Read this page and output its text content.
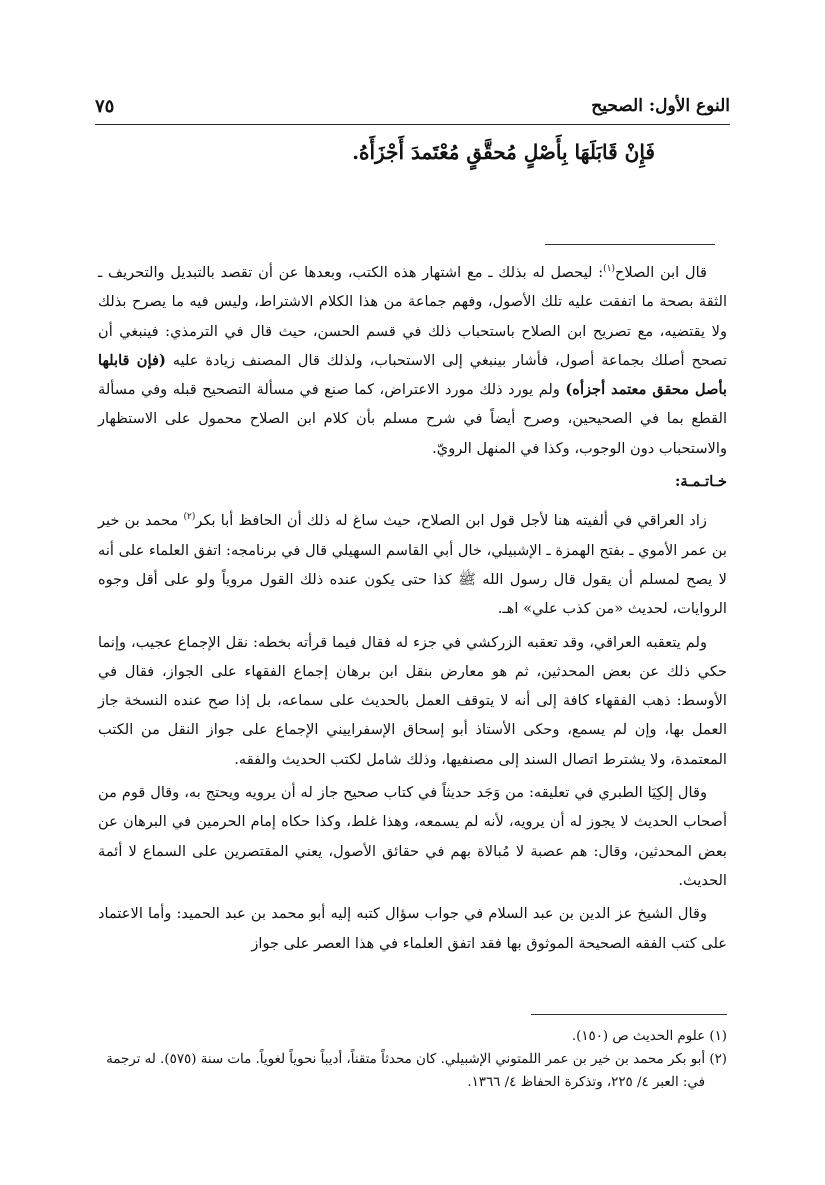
النوع الأول: الصحيح
٧٥
فَإِنْ قَابَلَهَا بِأَصْلٍ مُحقَّقٍ مُعْتَمدَ أَجْزَأَهُ.

قال ابن الصلاح$^{(١)}$: ليحصل له بذلك ـ مع اشتهار هذه الكتب، وبعدها عن أن تقصد بالتبديل والتحريف ـ الثقة بصحة ما اتفقت عليه تلك الأصول، وفهم جماعة من هذا الكلام الاشتراط، وليس فيه ما يصرح بذلك ولا يقتضيه، مع تصريح ابن الصلاح باستحباب ذلك في قسم الحسن، حيث قال في الترمذي: فينبغي أن تصحح أصلك بجماعة أصول، فأشار بينبغي إلى الاستحباب، ولذلك قال المصنف زيادة عليه (فإن قابلها بأصل محقق معتمد أجزأه) ولم يورد ذلك مورد الاعتراض، كما صنع في مسألة التصحيح قبله وفي مسألة القطع بما في الصحيحين، وصرح أيضاً في شرح مسلم بأن كلام ابن الصلاح محمول على الاستظهار والاستحباب دون الوجوب، وكذا في المنهل الرويّ.

خـاتـمـة:

زاد العراقي في ألفيته هنا لأجل قول ابن الصلاح، حيث ساغ له ذلك أن الحافظ أبا بكر$^{(٢)}$ محمد بن خير بن عمر الأموي ـ بفتح الهمزة ـ الإشبيلي، خال أبي القاسم السهيلي قال في برنامجه: اتفق العلماء على أنه لا يصح لمسلم أن يقول قال رسول الله ﷺ كذا حتى يكون عنده ذلك القول مروياً ولو على أقل وجوه الروايات، لحديث «من كذب علي» اهـ.

ولم يتعقبه العراقي، وقد تعقبه الزركشي في جزء له فقال فيما قرأته بخطه: نقل الإجماع عجيب، وإنما حكي ذلك عن بعض المحدثين، ثم هو معارض بنقل ابن برهان إجماع الفقهاء على الجواز، فقال في الأوسط: ذهب الفقهاء كافة إلى أنه لا يتوقف العمل بالحديث على سماعه، بل إذا صح عنده النسخة جاز العمل بها، وإن لم يسمع، وحكى الأستاذ أبو إسحاق الإسفراييني الإجماع على جواز النقل من الكتب المعتمدة، ولا يشترط اتصال السند إلى مصنفيها، وذلك شامل لكتب الحديث والفقه.

وقال إلكِيَا الطبري في تعليقه: من وَجَد حديثاً في كتاب صحيح جاز له أن يرويه ويحتج به، وقال قوم من أصحاب الحديث لا يجوز له أن يرويه، لأنه لم يسمعه، وهذا غلط، وكذا حكاه إمام الحرمين في البرهان عن بعض المحدثين، وقال: هم عصبة لا مُبالاة بهم في حقائق الأصول، يعني المقتصرين على السماع لا أئمة الحديث.

وقال الشيخ عز الدين بن عبد السلام في جواب سؤال كتبه إليه أبو محمد بن عبد الحميد: وأما الاعتماد على كتب الفقه الصحيحة الموثوق بها فقد اتفق العلماء في هذا العصر على جواز

(١) علوم الحديث ص (١٥٠).

(٢) أبو بكر محمد بن خير بن عمر اللمتوني الإشبيلي. كان محدثاً متقناً، أديباً نحوياً لغوياً. مات سنة (٥٧٥). له ترجمة في: العبر ٤/ ٢٢٥، وتذكرة الحفاظ ٤/ ١٣٦٦.
